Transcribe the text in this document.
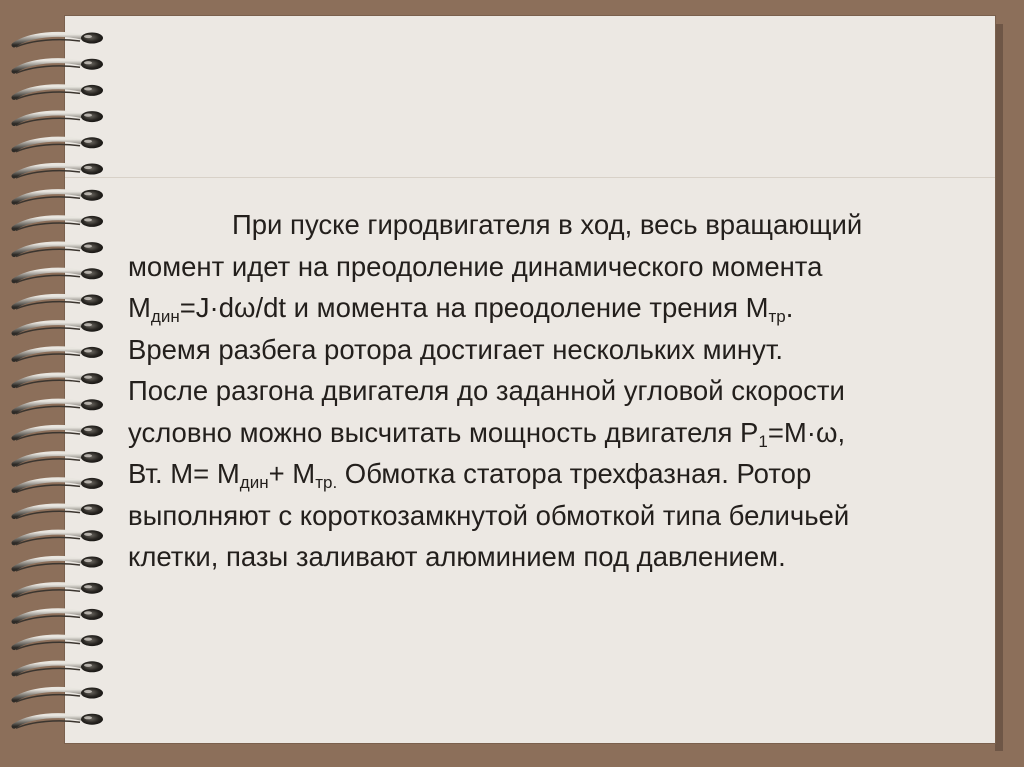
При пуске гиродвигателя в ход, весь вращающий
момент идет на преодоление динамического момента
$М_{дин}=J\cdot d\omega/dt$ и момента на преодоление трения $М_{тр}$.
Время разбега ротора достигает нескольких минут.
После разгона двигателя до заданной угловой скорости
условно можно высчитать мощность двигателя $P_1=M\cdot\omega$,
Вт. $М= М_{дин}+ М_{тр.}$ Обмотка статора трехфазная. Ротор
выполняют с короткозамкнутой обмоткой типа беличьей
клетки, пазы заливают алюминием под давлением.
